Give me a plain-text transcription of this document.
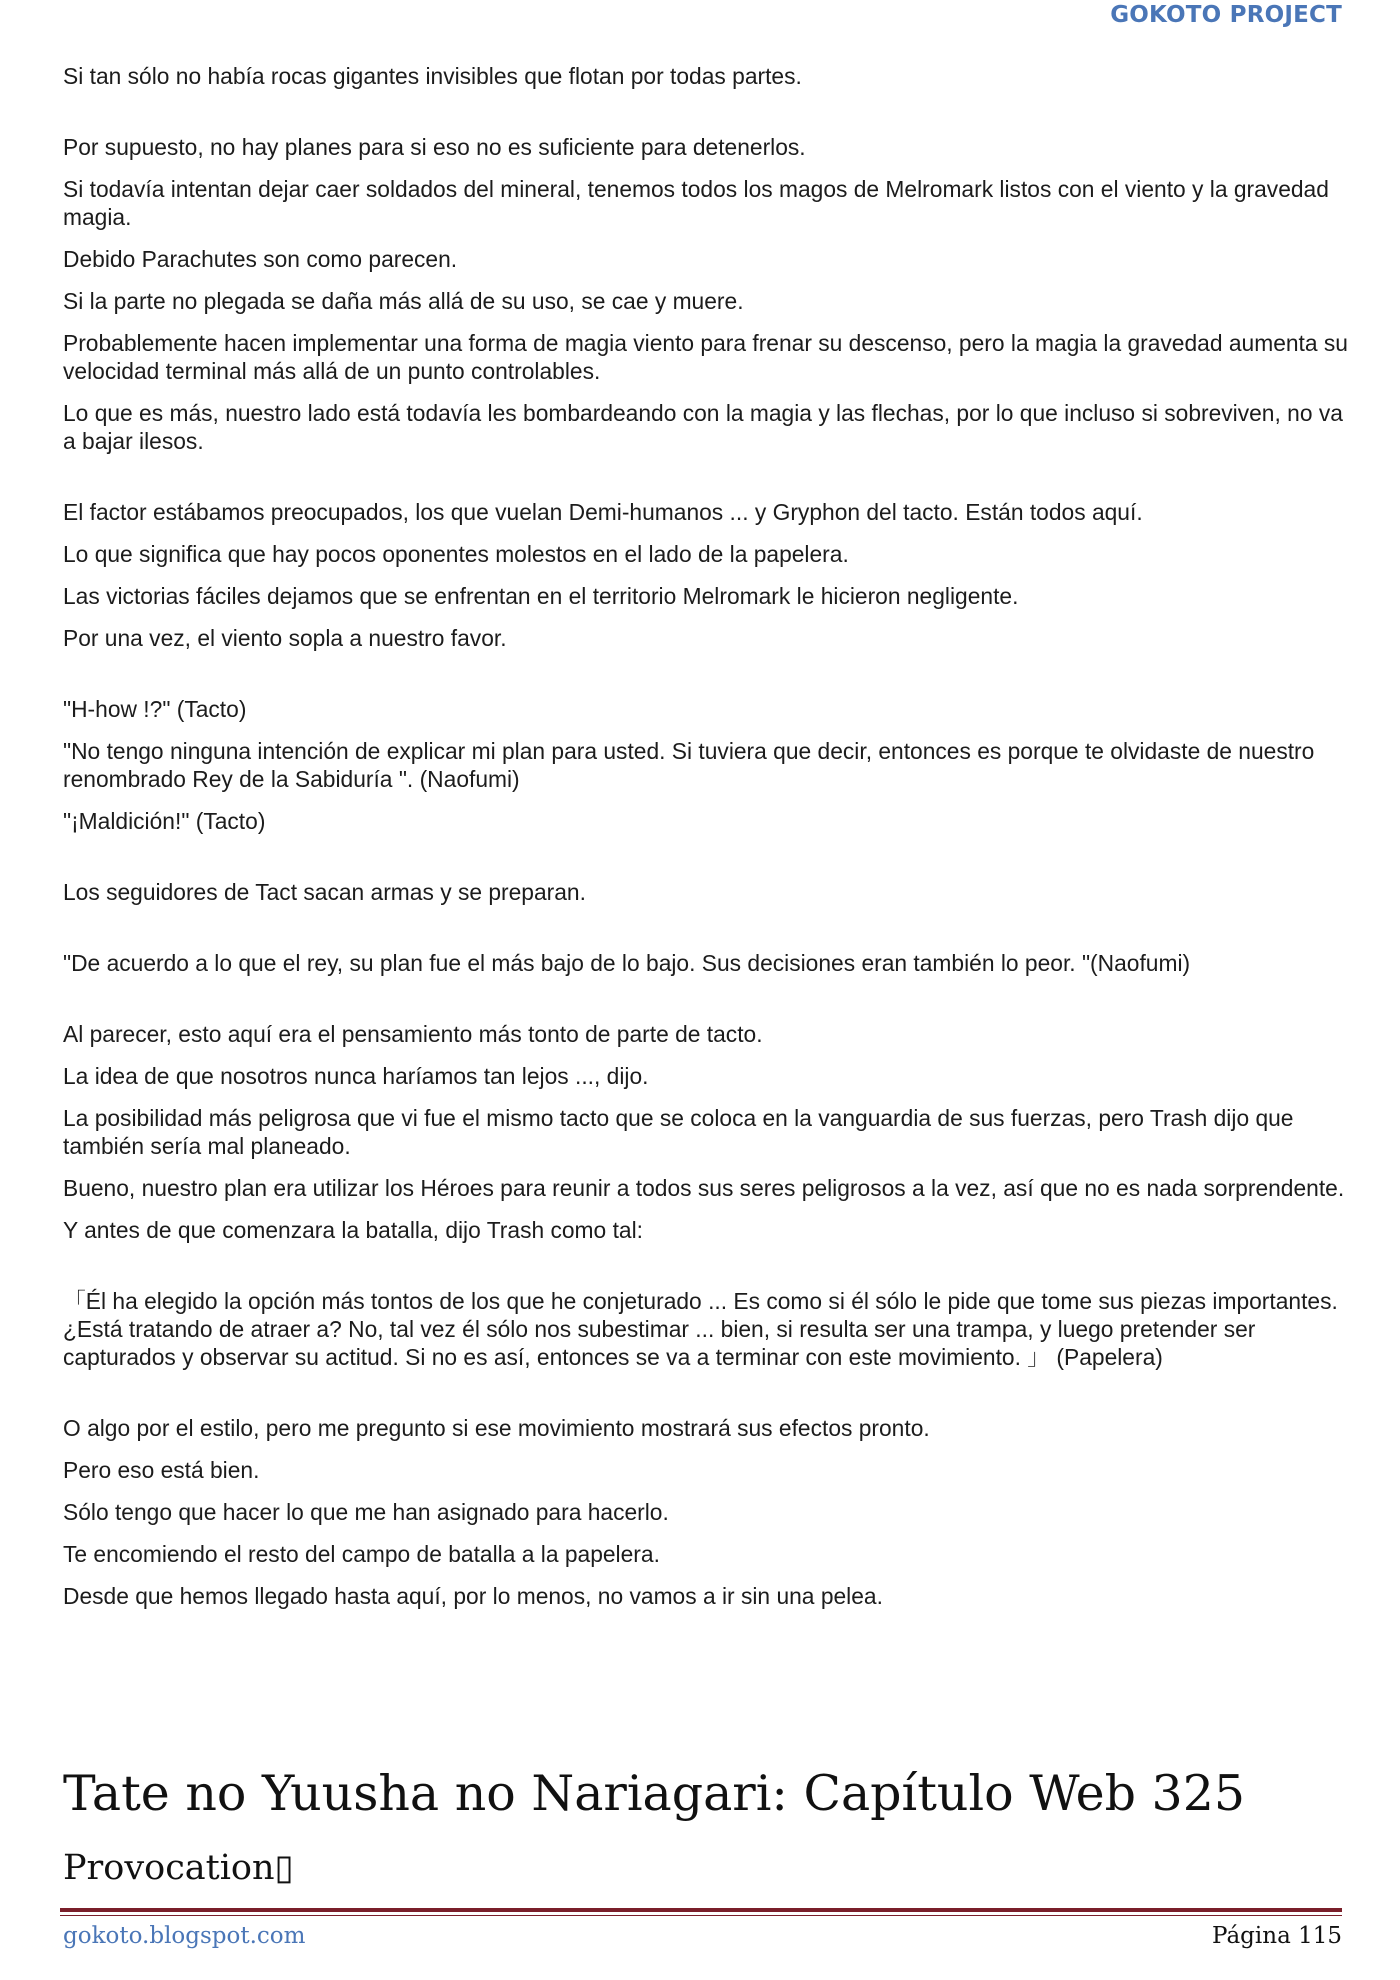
GOKOTO PROJECT

Si tan sólo no había rocas gigantes invisibles que flotan por todas partes.

Por supuesto, no hay planes para si eso no es suficiente para detenerlos.

Si todavía intentan dejar caer soldados del mineral, tenemos todos los magos de Melromark listos con el viento y la gravedad magia.

Debido Parachutes son como parecen.

Si la parte no plegada se daña más allá de su uso, se cae y muere.

Probablemente hacen implementar una forma de magia viento para frenar su descenso, pero la magia la gravedad aumenta su velocidad terminal más allá de un punto controlables.

Lo que es más, nuestro lado está todavía les bombardeando con la magia y las flechas, por lo que incluso si sobreviven, no va a bajar ilesos.

El factor estábamos preocupados, los que vuelan Demi-humanos ... y Gryphon del tacto. Están todos aquí.

Lo que significa que hay pocos oponentes molestos en el lado de la papelera.

Las victorias fáciles dejamos que se enfrentan en el territorio Melromark le hicieron negligente.

Por una vez, el viento sopla a nuestro favor.

"H-how !?" (Tacto)

"No tengo ninguna intención de explicar mi plan para usted. Si tuviera que decir, entonces es porque te olvidaste de nuestro renombrado Rey de la Sabiduría ". (Naofumi)

"¡Maldición!" (Tacto)

Los seguidores de Tact sacan armas y se preparan.

"De acuerdo a lo que el rey, su plan fue el más bajo de lo bajo. Sus decisiones eran también lo peor. "(Naofumi)

Al parecer, esto aquí era el pensamiento más tonto de parte de tacto.

La idea de que nosotros nunca haríamos tan lejos ..., dijo.

La posibilidad más peligrosa que vi fue el mismo tacto que se coloca en la vanguardia de sus fuerzas, pero Trash dijo que también sería mal planeado.

Bueno, nuestro plan era utilizar los Héroes para reunir a todos sus seres peligrosos a la vez, así que no es nada sorprendente.

Y antes de que comenzara la batalla, dijo Trash como tal:

「Él ha elegido la opción más tontos de los que he conjeturado ... Es como si él sólo le pide que tome sus piezas importantes. ¿Está tratando de atraer a? No, tal vez él sólo nos subestimar ... bien, si resulta ser una trampa, y luego pretender ser capturados y observar su actitud. Si no es así, entonces se va a terminar con este movimiento. 」 (Papelera)

O algo por el estilo, pero me pregunto si ese movimiento mostrará sus efectos pronto.

Pero eso está bien.

Sólo tengo que hacer lo que me han asignado para hacerlo.

Te encomiendo el resto del campo de batalla a la papelera.

Desde que hemos llegado hasta aquí, por lo menos, no vamos a ir sin una pelea.

Tate no Yuusha no Nariagari: Capítulo Web 325
Provocation▯
gokoto.blogspot.com	Página 115
